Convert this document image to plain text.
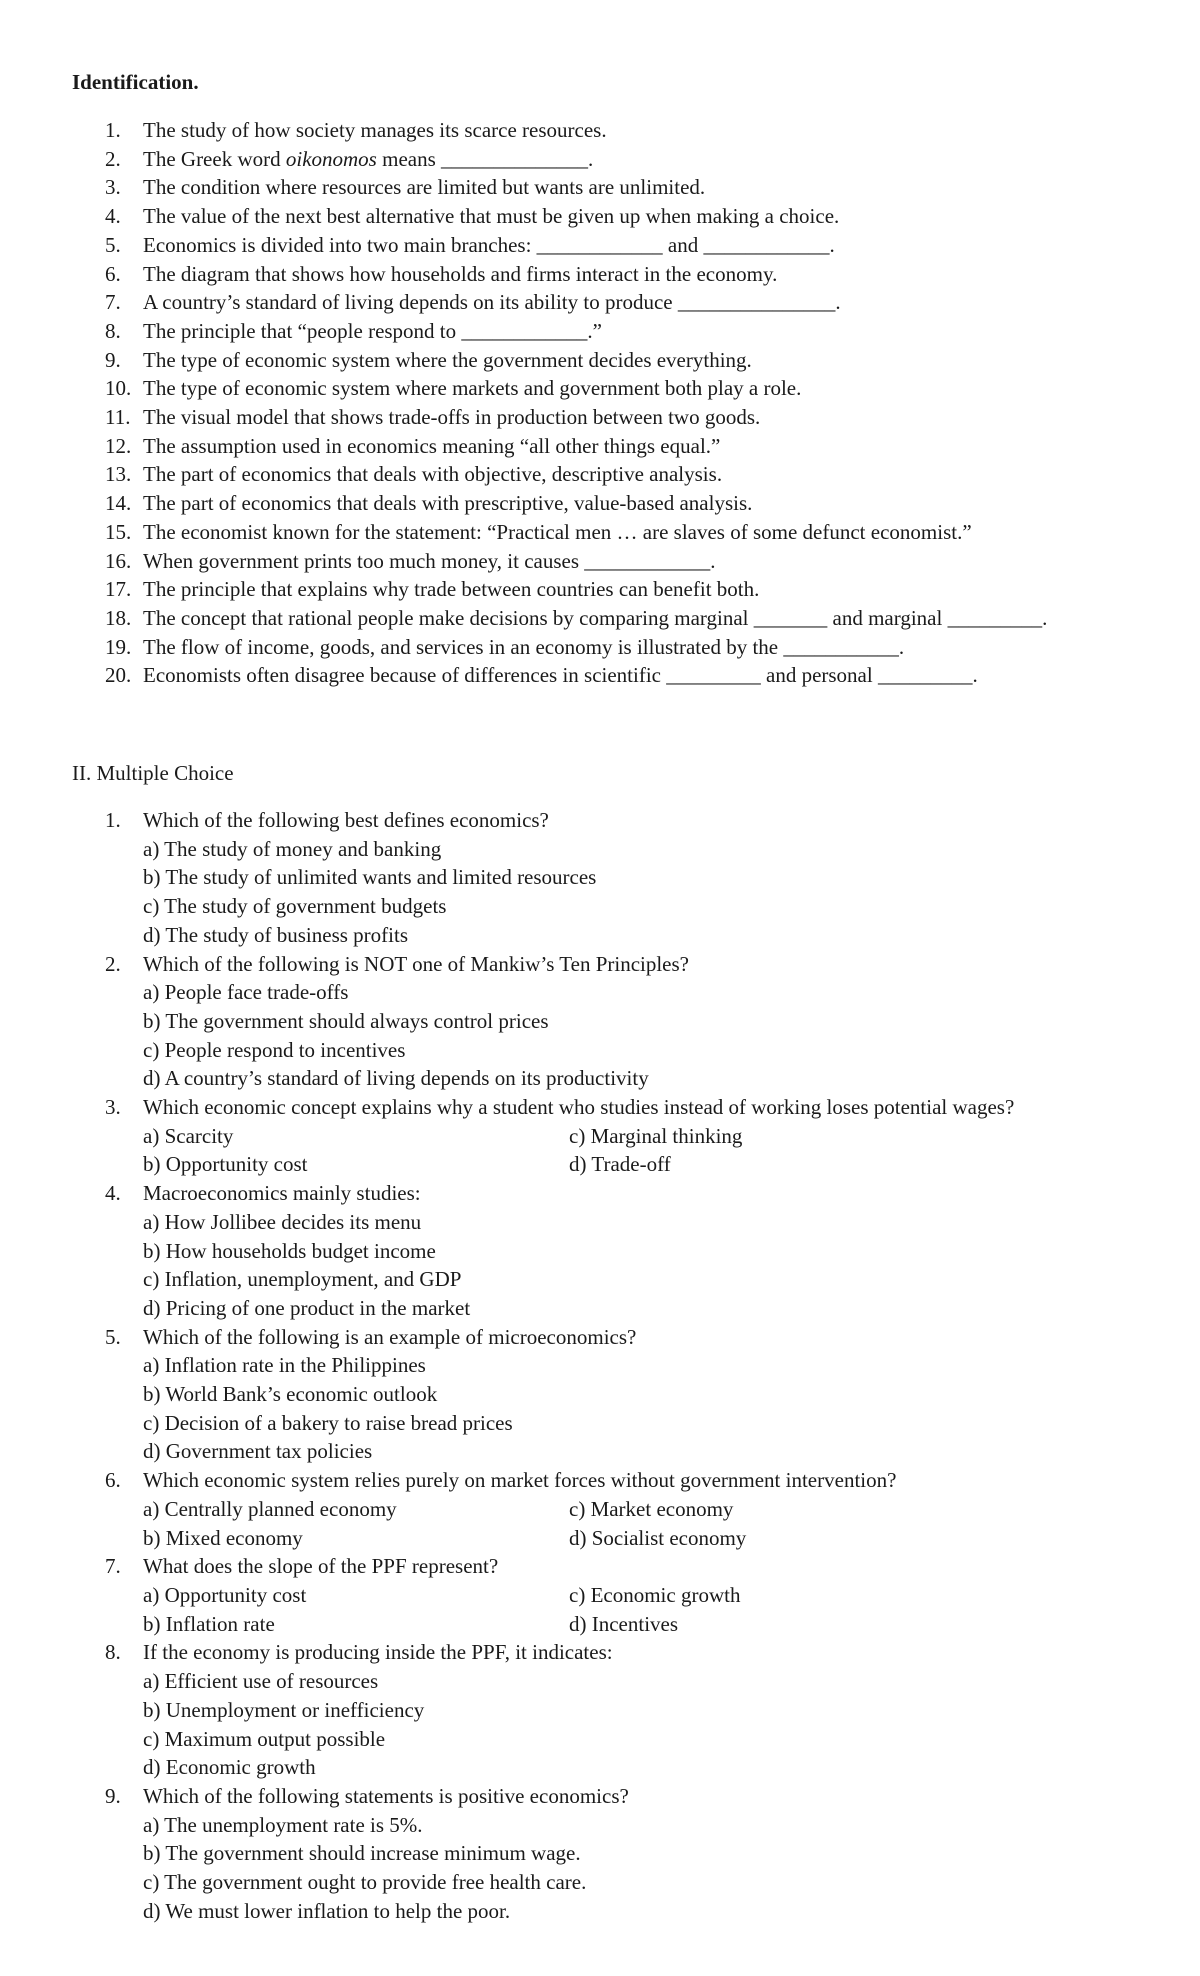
Identification.
1. The study of how society manages its scarce resources.
2. The Greek word oikonomos means ______________.
3. The condition where resources are limited but wants are unlimited.
4. The value of the next best alternative that must be given up when making a choice.
5. Economics is divided into two main branches: ____________ and ____________.
6. The diagram that shows how households and firms interact in the economy.
7. A country’s standard of living depends on its ability to produce _______________.
8. The principle that “people respond to ____________.”
9. The type of economic system where the government decides everything.
10. The type of economic system where markets and government both play a role.
11. The visual model that shows trade-offs in production between two goods.
12. The assumption used in economics meaning “all other things equal.”
13. The part of economics that deals with objective, descriptive analysis.
14. The part of economics that deals with prescriptive, value-based analysis.
15. The economist known for the statement: “Practical men … are slaves of some defunct economist.”
16. When government prints too much money, it causes ____________.
17. The principle that explains why trade between countries can benefit both.
18. The concept that rational people make decisions by comparing marginal _______ and marginal _________.
19. The flow of income, goods, and services in an economy is illustrated by the ___________.
20. Economists often disagree because of differences in scientific _________ and personal _________.
II. Multiple Choice
1. Which of the following best defines economics?
a) The study of money and banking
b) The study of unlimited wants and limited resources
c) The study of government budgets
d) The study of business profits
2. Which of the following is NOT one of Mankiw’s Ten Principles?
a) People face trade-offs
b) The government should always control prices
c) People respond to incentives
d) A country’s standard of living depends on its productivity
3. Which economic concept explains why a student who studies instead of working loses potential wages?
a) Scarcity	c) Marginal thinking
b) Opportunity cost	d) Trade-off
4. Macroeconomics mainly studies:
a) How Jollibee decides its menu
b) How households budget income
c) Inflation, unemployment, and GDP
d) Pricing of one product in the market
5. Which of the following is an example of microeconomics?
a) Inflation rate in the Philippines
b) World Bank’s economic outlook
c) Decision of a bakery to raise bread prices
d) Government tax policies
6. Which economic system relies purely on market forces without government intervention?
a) Centrally planned economy	c) Market economy
b) Mixed economy	d) Socialist economy
7. What does the slope of the PPF represent?
a) Opportunity cost	c) Economic growth
b) Inflation rate	d) Incentives
8. If the economy is producing inside the PPF, it indicates:
a) Efficient use of resources
b) Unemployment or inefficiency
c) Maximum output possible
d) Economic growth
9. Which of the following statements is positive economics?
a) The unemployment rate is 5%.
b) The government should increase minimum wage.
c) The government ought to provide free health care.
d) We must lower inflation to help the poor.
